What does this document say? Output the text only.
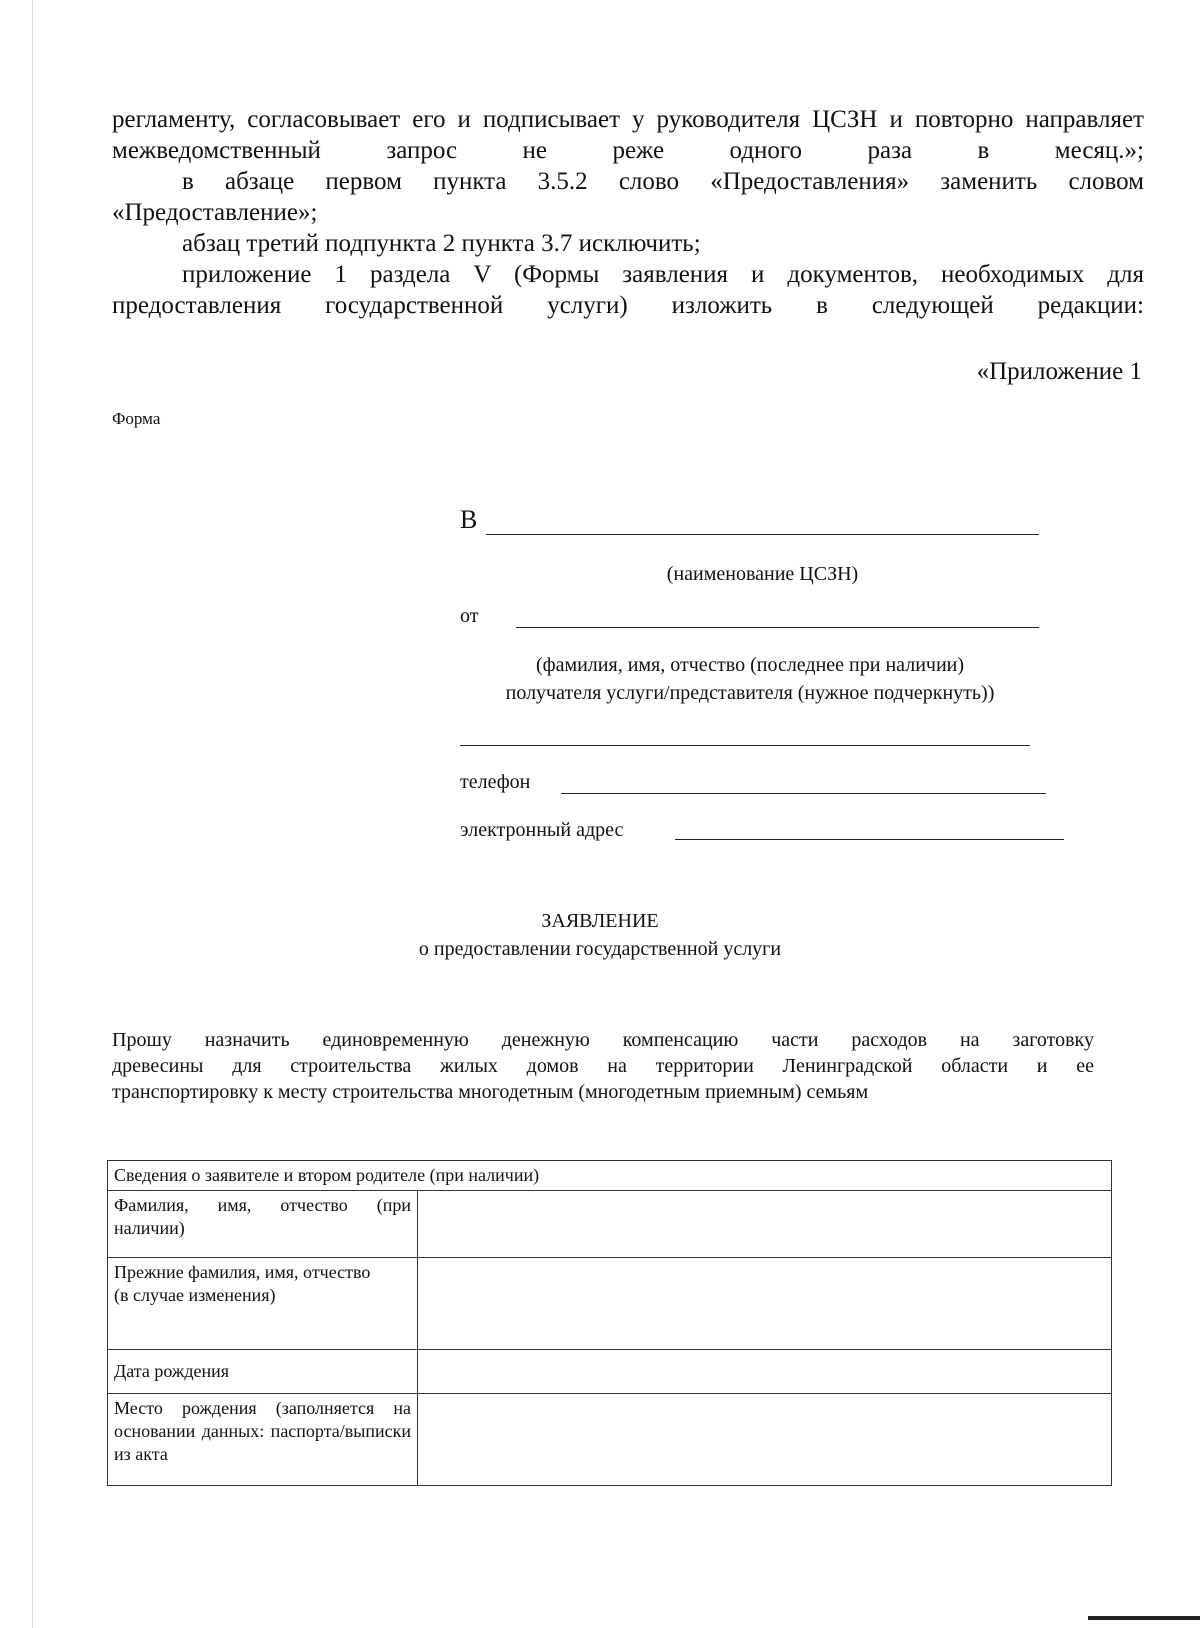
регламенту, согласовывает его и подписывает у руководителя ЦСЗН и повторно направляет межведомственный запрос не реже одного раза в месяц.»;

в абзаце первом пункта 3.5.2 слово «Предоставления» заменить словом «Предоставление»;

абзац третий подпункта 2 пункта 3.7 исключить;

приложение 1 раздела V (Формы заявления и документов, необходимых для предоставления государственной услуги) изложить в следующей редакции:

«Приложение 1
Форма
В
(наименование ЦСЗН)
от
(фамилия, имя, отчество (последнее при наличии)
получателя услуги/представителя (нужное подчеркнуть))
телефон
электронный адрес
ЗАЯВЛЕНИЕ
о предоставлении государственной услуги
Прошу назначить единовременную денежную компенсацию части расходов на заготовку
древесины для строительства жилых домов на территории Ленинградской области и ее
транспортировку к месту строительства многодетным (многодетным приемным) семьям
Сведения о заявителе и втором родителе (при наличии)	
Фамилия, имя, отчество (при наличии)	
Прежние фамилия, имя, отчество
(в случае изменения)	
Дата рождения	
Место рождения (заполняется на основании данных: паспорта/выписки из акта	
